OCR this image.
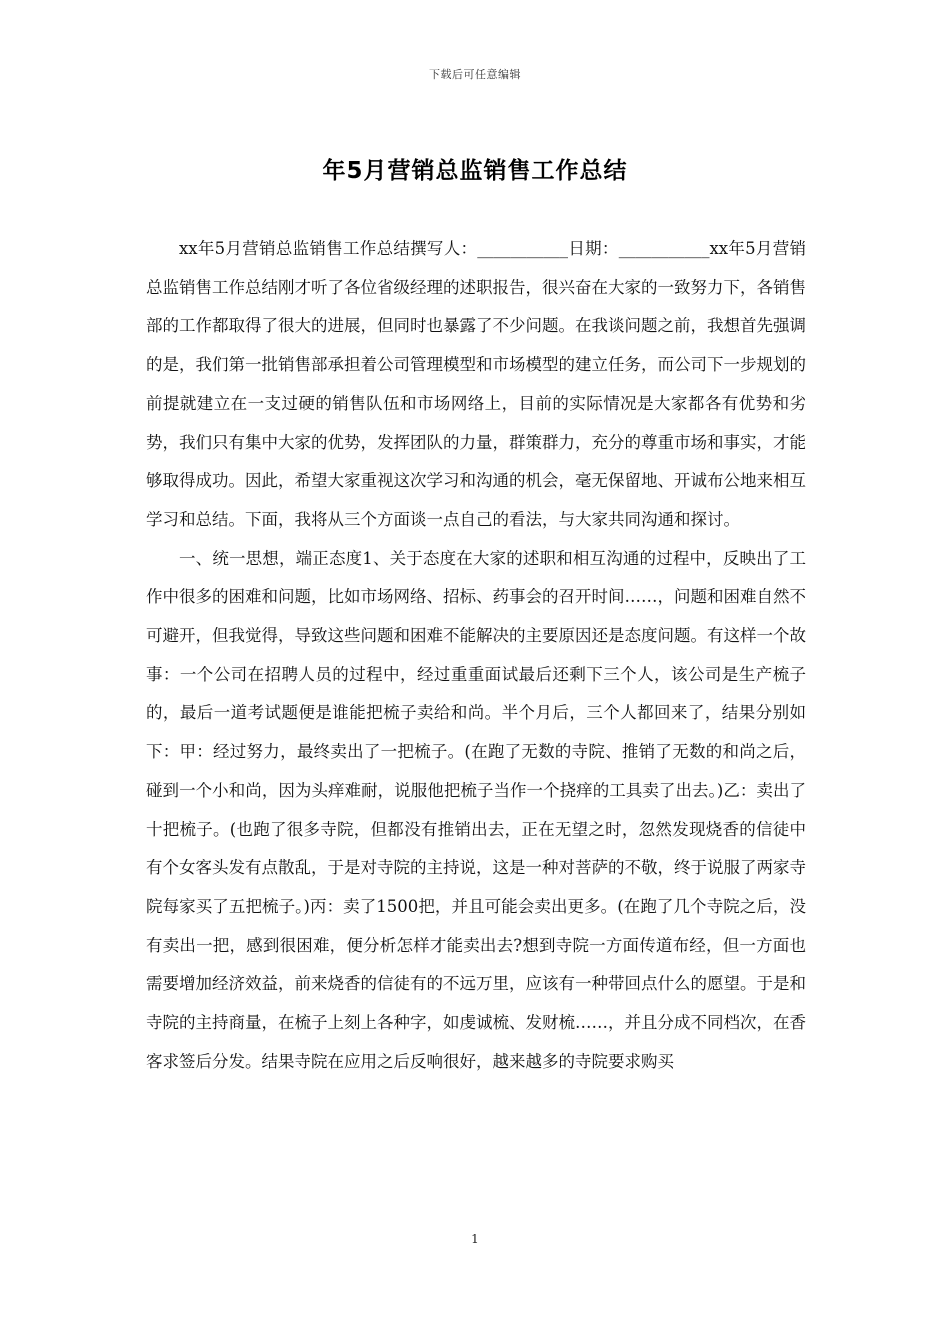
下载后可任意编辑
年5月营销总监销售工作总结

xx年5月营销总监销售工作总结撰写人：___________日期：___________xx年5月营销总监销售工作总结刚才听了各位省级经理的述职报告，很兴奋在大家的一致努力下，各销售部的工作都取得了很大的进展，但同时也暴露了不少问题。在我谈问题之前，我想首先强调的是，我们第一批销售部承担着公司管理模型和市场模型的建立任务，而公司下一步规划的前提就建立在一支过硬的销售队伍和市场网络上，目前的实际情况是大家都各有优势和劣势，我们只有集中大家的优势，发挥团队的力量，群策群力，充分的尊重市场和事实，才能够取得成功。因此，希望大家重视这次学习和沟通的机会，毫无保留地、开诚布公地来相互学习和总结。下面，我将从三个方面谈一点自己的看法，与大家共同沟通和探讨。

一、统一思想，端正态度1、关于态度在大家的述职和相互沟通的过程中，反映出了工作中很多的困难和问题，比如市场网络、招标、药事会的召开时间……，问题和困难自然不可避开，但我觉得，导致这些问题和困难不能解决的主要原因还是态度问题。有这样一个故事：一个公司在招聘人员的过程中，经过重重面试最后还剩下三个人，该公司是生产梳子的，最后一道考试题便是谁能把梳子卖给和尚。半个月后，三个人都回来了，结果分别如下：甲：经过努力，最终卖出了一把梳子。(在跑了无数的寺院、推销了无数的和尚之后，碰到一个小和尚，因为头痒难耐，说服他把梳子当作一个挠痒的工具卖了出去。)乙：卖出了十把梳子。(也跑了很多寺院，但都没有推销出去，正在无望之时，忽然发现烧香的信徒中有个女客头发有点散乱，于是对寺院的主持说，这是一种对菩萨的不敬，终于说服了两家寺院每家买了五把梳子。)丙：卖了1500把，并且可能会卖出更多。(在跑了几个寺院之后，没有卖出一把，感到很困难，便分析怎样才能卖出去?想到寺院一方面传道布经，但一方面也需要增加经济效益，前来烧香的信徒有的不远万里，应该有一种带回点什么的愿望。于是和寺院的主持商量，在梳子上刻上各种字，如虔诚梳、发财梳……，并且分成不同档次，在香客求签后分发。结果寺院在应用之后反响很好，越来越多的寺院要求购买

1
